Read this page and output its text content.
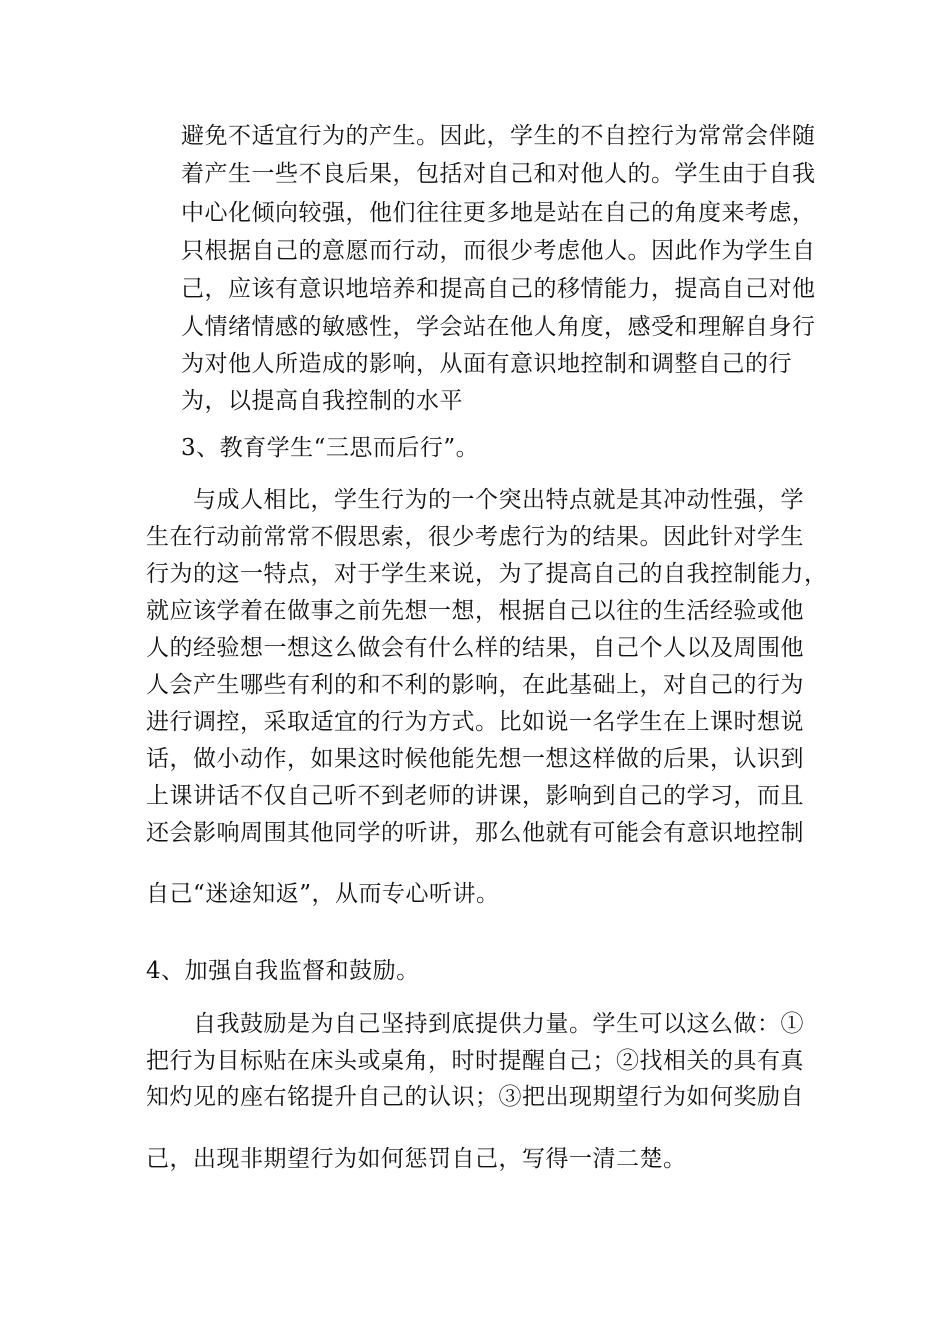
避免不适宜行为的产生。因此，学生的不自控行为常常会伴随
着产生一些不良后果，包括对自己和对他人的。学生由于自我
中心化倾向较强，他们往往更多地是站在自己的角度来考虑，
只根据自己的意愿而行动，而很少考虑他人。因此作为学生自
己，应该有意识地培养和提高自己的移情能力，提高自己对他
人情绪情感的敏感性，学会站在他人角度，感受和理解自身行
为对他人所造成的影响，从面有意识地控制和调整自己的行
为，以提高自我控制的水平
3、教育学生“三思而后行”。
与成人相比，学生行为的一个突出特点就是其冲动性强，学
生在行动前常常不假思索，很少考虑行为的结果。因此针对学生
行为的这一特点，对于学生来说，为了提高自己的自我控制能力，
就应该学着在做事之前先想一想，根据自己以往的生活经验或他
人的经验想一想这么做会有什么样的结果，自己个人以及周围他
人会产生哪些有利的和不利的影响，在此基础上，对自己的行为
进行调控，采取适宜的行为方式。比如说一名学生在上课时想说
话，做小动作，如果这时候他能先想一想这样做的后果，认识到
上课讲话不仅自己听不到老师的讲课，影响到自己的学习，而且
还会影响周围其他同学的听讲，那么他就有可能会有意识地控制
自己“迷途知返”，从而专心听讲。
4、加强自我监督和鼓励。
自我鼓励是为自己坚持到底提供力量。学生可以这么做：①
把行为目标贴在床头或桌角，时时提醒自己；②找相关的具有真
知灼见的座右铭提升自己的认识；③把出现期望行为如何奖励自
己，出现非期望行为如何惩罚自己，写得一清二楚。
